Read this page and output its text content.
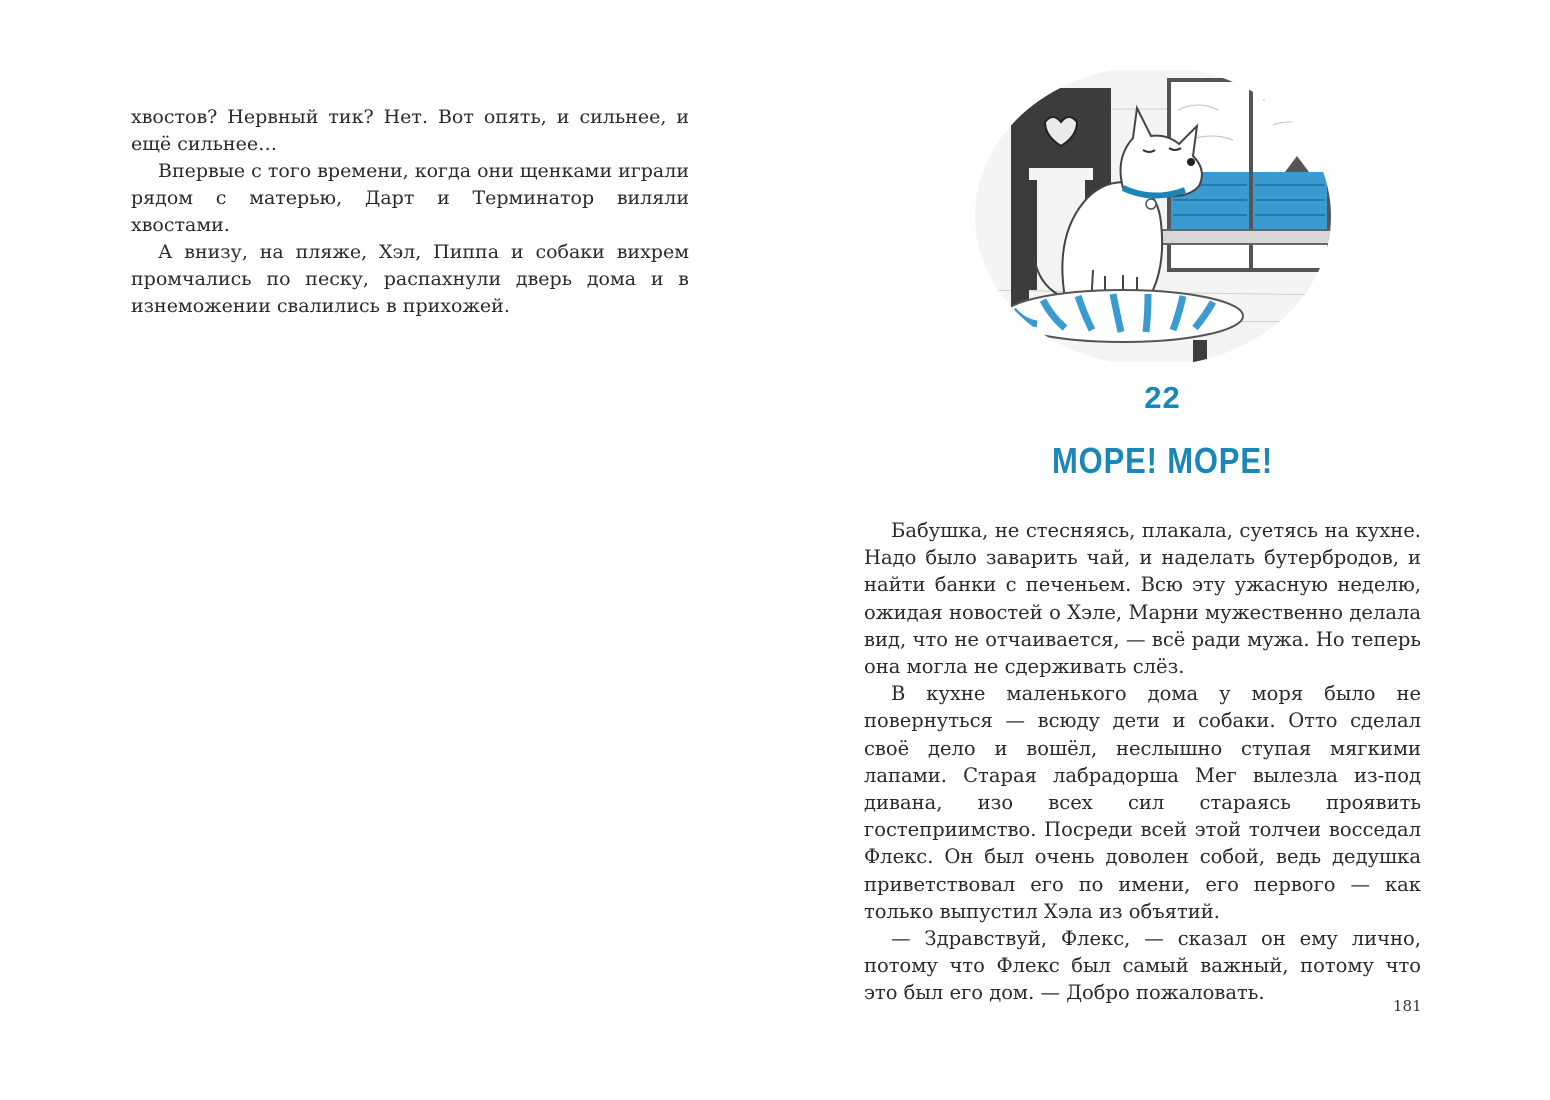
хвостов? Нервный тик? Нет. Вот опять, и сильнее, и ещё сильнее…

Впервые с того времени, когда они щенками играли рядом с матерью, Дарт и Терминатор виляли хвостами.

А внизу, на пляже, Хэл, Пиппа и собаки вихрем промчались по песку, распахнули дверь дома и в изнеможении свалились в прихожей.

22
МОРЕ! МОРЕ!

Бабушка, не стесняясь, плакала, суетясь на кухне. Надо было заварить чай, и наделать бутербродов, и найти банки с печеньем. Всю эту ужасную неделю, ожидая новостей о Хэле, Марни мужественно делала вид, что не отчаивается, — всё ради мужа. Но теперь она могла не сдерживать слёз.

В кухне маленького дома у моря было не повернуться — всюду дети и собаки. Отто сделал своё дело и вошёл, неслышно ступая мягкими лапами. Старая лабрадорша Мег вылезла из-под дивана, изо всех сил стараясь проявить гостеприимство. Посреди всей этой толчеи восседал Флекс. Он был очень доволен собой, ведь дедушка приветствовал его по имени, его первого — как только выпустил Хэла из объятий.

— Здравствуй, Флекс, — сказал он ему лично, потому что Флекс был самый важный, потому что это был его дом. — Добро пожаловать.

181
